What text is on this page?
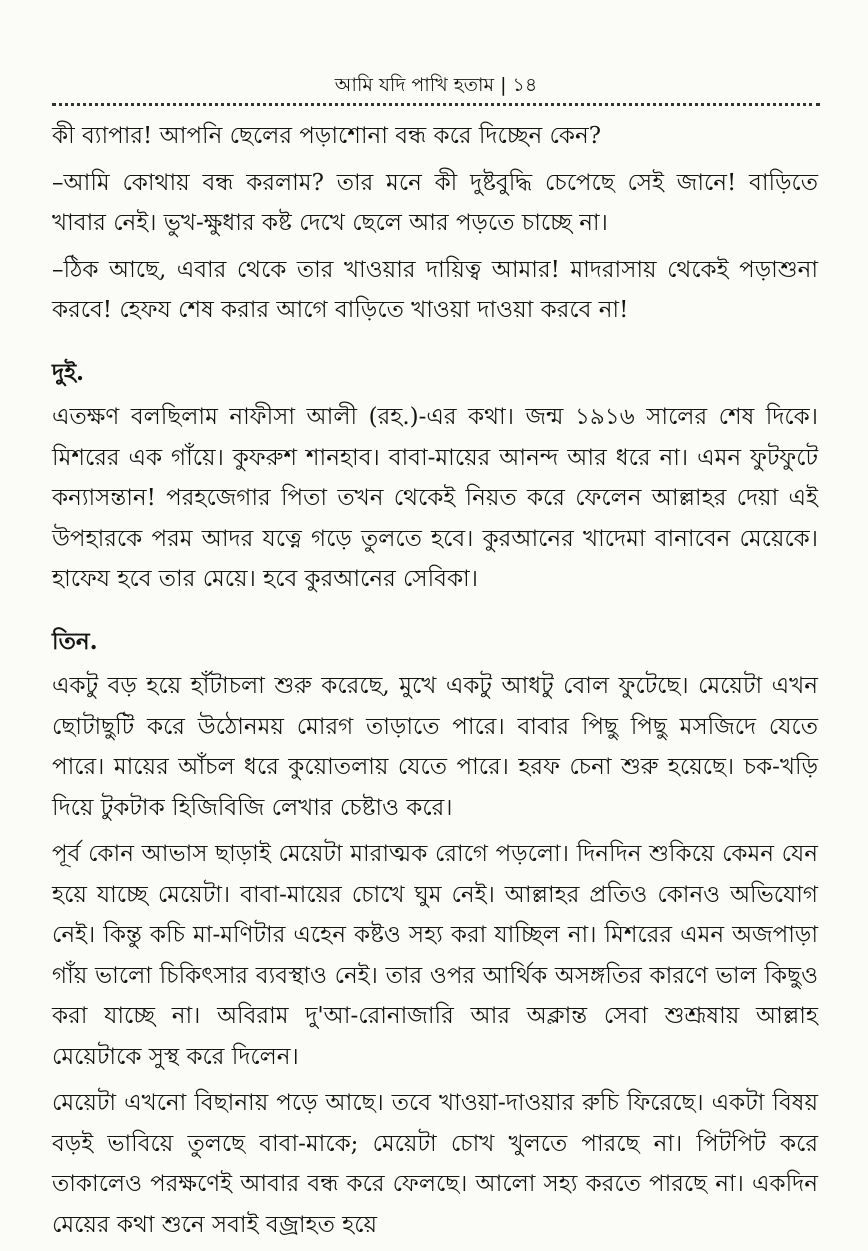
আমি যদি পাখি হতাম | ১৪

কী ব্যাপার! আপনি ছেলের পড়াশোনা বন্ধ করে দিচ্ছেন কেন?

–আমি কোথায় বন্ধ করলাম? তার মনে কী দুষ্টবুদ্ধি চেপেছে সেই জানে! বাড়িতে খাবার নেই। ভুখ-ক্ষুধার কষ্ট দেখে ছেলে আর পড়তে চাচ্ছে না।

–ঠিক আছে, এবার থেকে তার খাওয়ার দায়িত্ব আমার! মাদরাসায় থেকেই পড়াশুনা করবে! হেফয শেষ করার আগে বাড়িতে খাওয়া দাওয়া করবে না!

দুই.

এতক্ষণ বলছিলাম নাফীসা আলী (রহ.)-এর কথা। জন্ম ১৯১৬ সালের শেষ দিকে। মিশরের এক গাঁয়ে। কুফরুশ শানহাব। বাবা-মায়ের আনন্দ আর ধরে না। এমন ফুটফুটে কন্যাসন্তান! পরহজেগার পিতা তখন থেকেই নিয়ত করে ফেলেন আল্লাহর দেয়া এই উপহারকে পরম আদর যত্নে গড়ে তুলতে হবে। কুরআনের খাদেমা বানাবেন মেয়েকে। হাফেয হবে তার মেয়ে। হবে কুরআনের সেবিকা।

তিন.

একটু বড় হয়ে হাঁটাচলা শুরু করেছে, মুখে একটু আধটু বোল ফুটেছে। মেয়েটা এখন ছোটাছুটি করে উঠোনময় মোরগ তাড়াতে পারে। বাবার পিছু পিছু মসজিদে যেতে পারে। মায়ের আঁচল ধরে কুয়োতলায় যেতে পারে। হরফ চেনা শুরু হয়েছে। চক-খড়ি দিয়ে টুকটাক হিজিবিজি লেখার চেষ্টাও করে।

পূর্ব কোন আভাস ছাড়াই মেয়েটা মারাত্মক রোগে পড়লো। দিনদিন শুকিয়ে কেমন যেন হয়ে যাচ্ছে মেয়েটা। বাবা-মায়ের চোখে ঘুম নেই। আল্লাহর প্রতিও কোনও অভিযোগ নেই। কিন্তু কচি মা-মণিটার এহেন কষ্টও সহ্য করা যাচ্ছিল না। মিশরের এমন অজপাড়া গাঁয় ভালো চিকিৎসার ব্যবস্থাও নেই। তার ওপর আর্থিক অসঙ্গতির কারণে ভাল কিছুও করা যাচ্ছে না। অবিরাম দু'আ-রোনাজারি আর অক্লান্ত সেবা শুশ্রূষায় আল্লাহ মেয়েটাকে সুস্থ করে দিলেন।

মেয়েটা এখনো বিছানায় পড়ে আছে। তবে খাওয়া-দাওয়ার রুচি ফিরেছে। একটা বিষয় বড়ই ভাবিয়ে তুলছে বাবা-মাকে; মেয়েটা চোখ খুলতে পারছে না। পিটপিট করে তাকালেও পরক্ষণেই আবার বন্ধ করে ফেলছে। আলো সহ্য করতে পারছে না। একদিন মেয়ের কথা শুনে সবাই বজ্রাহত হয়ে
